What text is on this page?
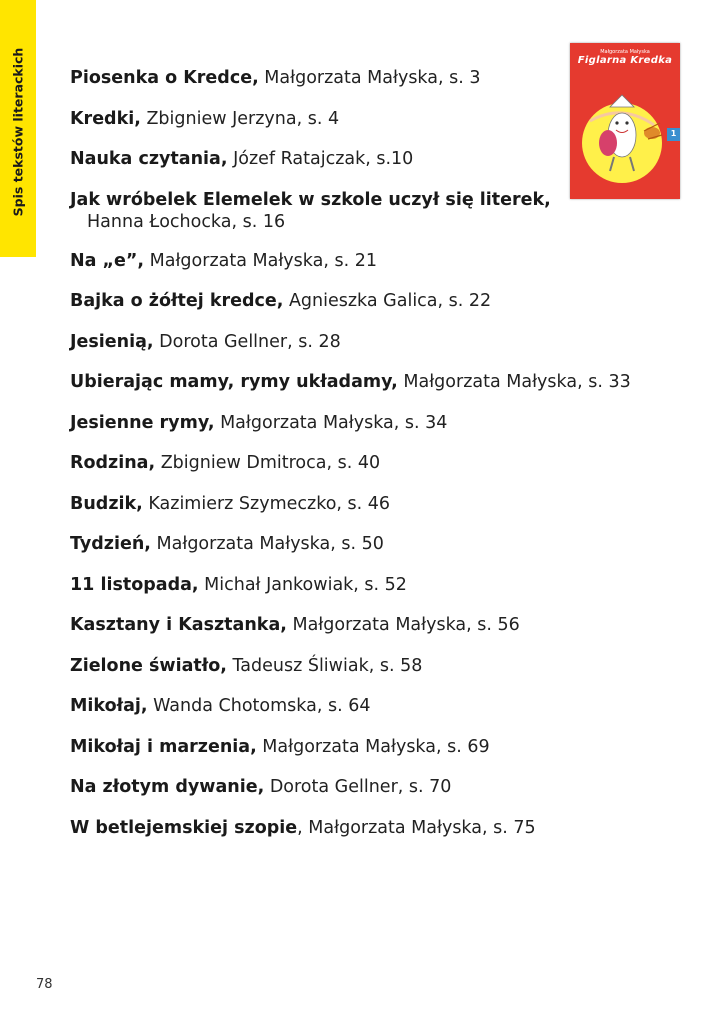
Spis tekstów literackich	Piosenka o Kredce, Małgorzata Małyska, s. 3
Kredki, Zbigniew Jerzyna, s. 4
Nauka czytania, Józef Ratajczak, s.10
Jak wróbelek Elemelek w szkole uczył się literek,
Hanna Łochocka, s. 16
Na „e”, Małgorzata Małyska, s. 21
Bajka o żółtej kredce, Agnieszka Galica, s. 22
Jesienią, Dorota Gellner, s. 28
Ubierając mamy, rymy układamy, Małgorzata Małyska, s. 33
Jesienne rymy, Małgorzata Małyska, s. 34
Rodzina, Zbigniew Dmitroca, s. 40
Budzik, Kazimierz Szymeczko, s. 46
Tydzień, Małgorzata Małyska, s. 50
11 listopada, Michał Jankowiak, s. 52
Kasztany i Kasztanka, Małgorzata Małyska, s. 56
Zielone światło, Tadeusz Śliwiak, s. 58
Mikołaj, Wanda Chotomska, s. 64
Mikołaj i marzenia, Małgorzata Małyska, s. 69
Na złotym dywanie, Dorota Gellner, s. 70
W betlejemskiej szopie, Małgorzata Małyska, s. 75
Małgorzata Małyska
Figlarna Kredka
1
78
